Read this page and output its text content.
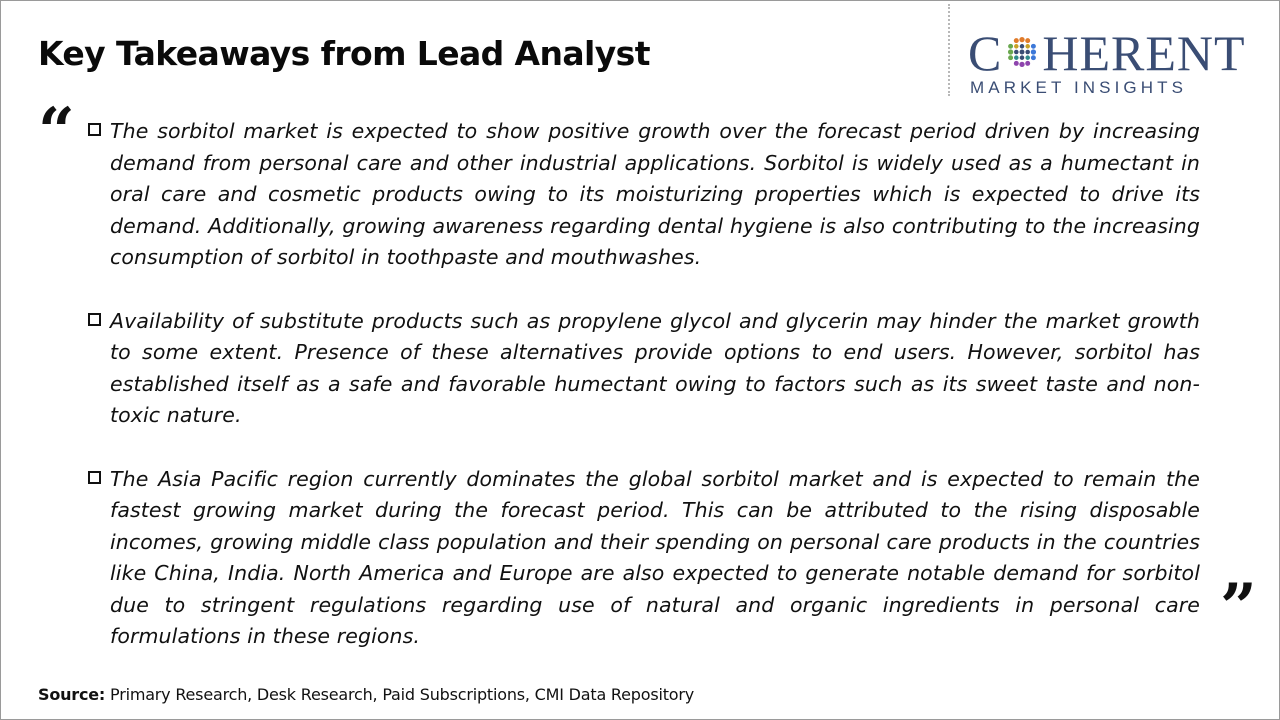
Key Takeaways from Lead Analyst	C HERENT
MARKET INSIGHTS
“
”
The sorbitol market is expected to show positive growth over the forecast period driven by increasing demand from personal care and other industrial applications. Sorbitol is widely used as a humectant in oral care and cosmetic products owing to its moisturizing properties which is expected to drive its demand. Additionally, growing awareness regarding dental hygiene is also contributing to the increasing consumption of sorbitol in toothpaste and mouthwashes.
Availability of substitute products such as propylene glycol and glycerin may hinder the market growth to some extent. Presence of these alternatives provide options to end users. However, sorbitol has established itself as a safe and favorable humectant owing to factors such as its sweet taste and non-toxic nature.
The Asia Pacific region currently dominates the global sorbitol market and is expected to remain the fastest growing market during the forecast period. This can be attributed to the rising disposable incomes, growing middle class population and their spending on personal care products in the countries like China, India. North America and Europe are also expected to generate notable demand for sorbitol due to stringent regulations regarding use of natural and organic ingredients in personal care formulations in these regions.
Source: Primary Research, Desk Research, Paid Subscriptions, CMI Data Repository
